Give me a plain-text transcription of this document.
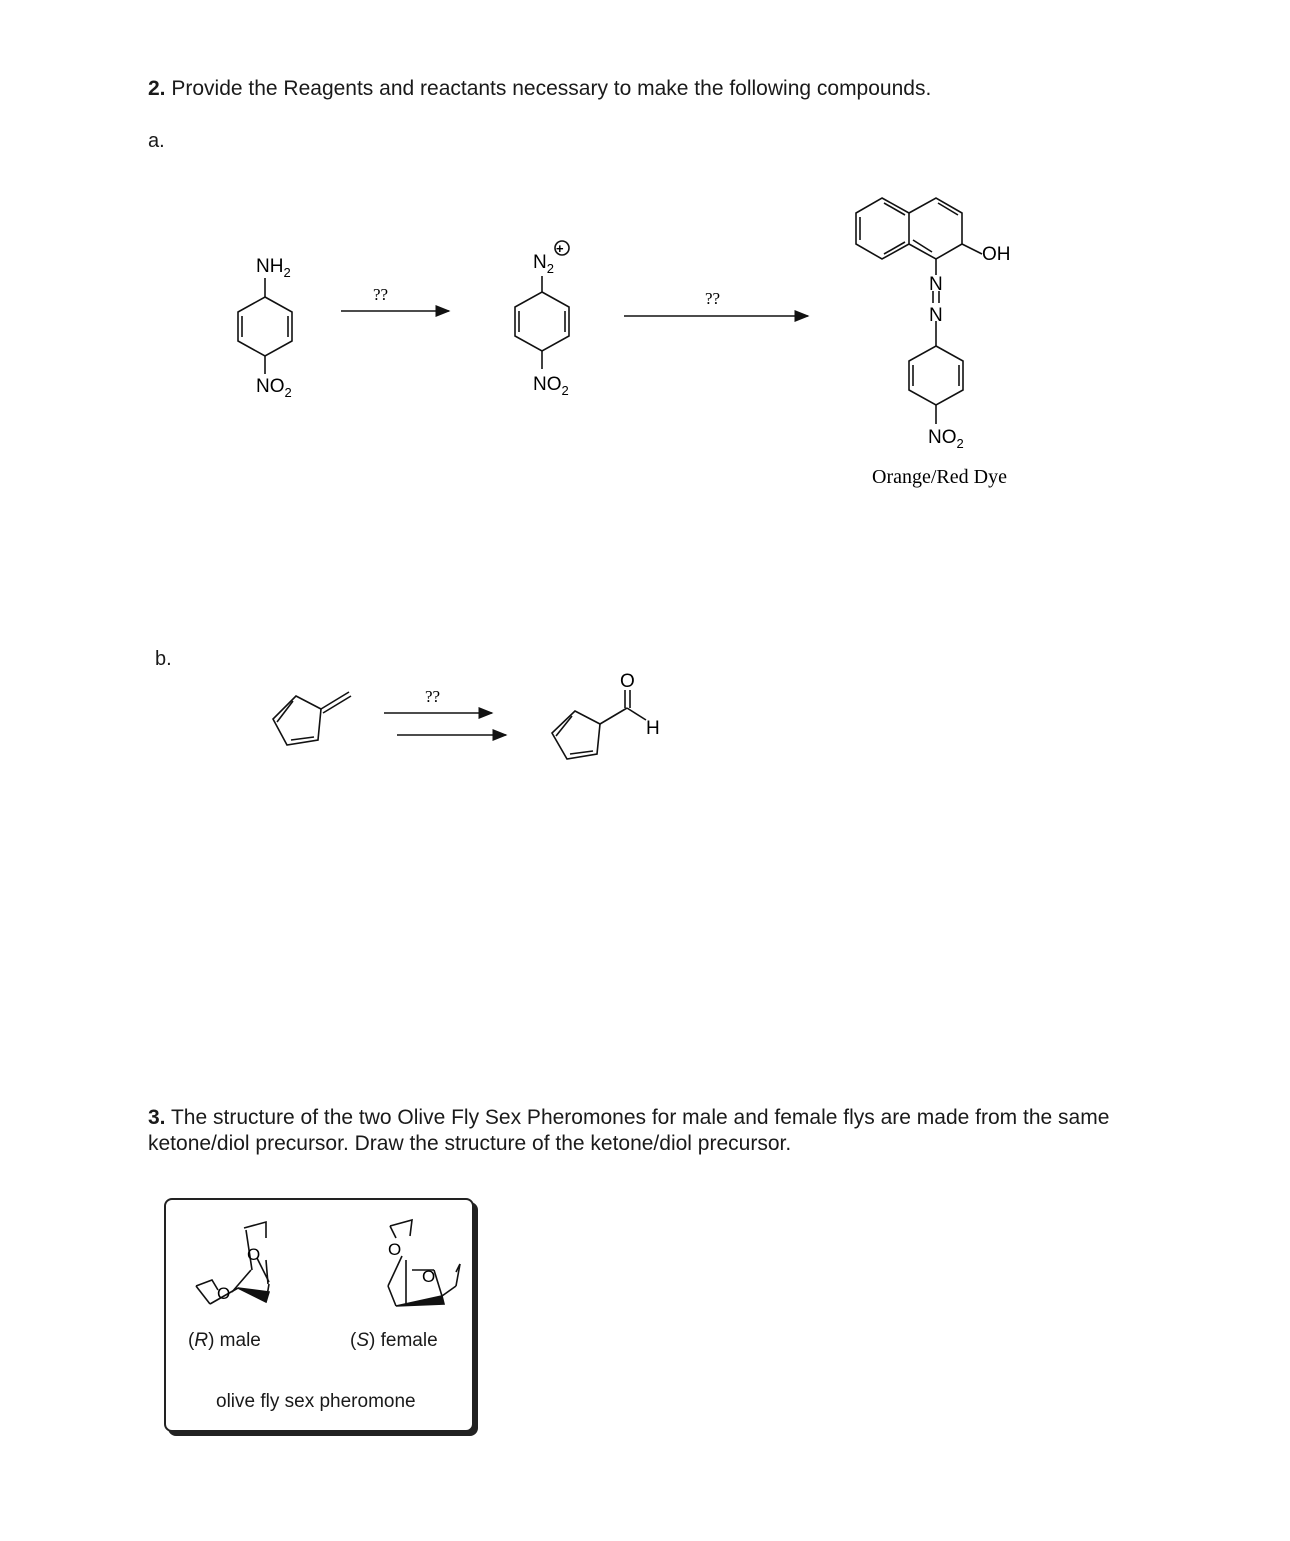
2. Provide the Reagents and reactants necessary to make the following compounds.
a.
$NH_2$
$NO_2$
??
+
$N_2$
$NO_2$
??
OH
N
N
$NO_2$
Orange/Red Dye
b.
??
O
H
3. The structure of the two Olive Fly Sex Pheromones for male and female flys are made from the same ketone/diol precursor. Draw the structure of the ketone/diol precursor.
O
O
O
O
(R) male	(S) female
olive fly sex pheromone
